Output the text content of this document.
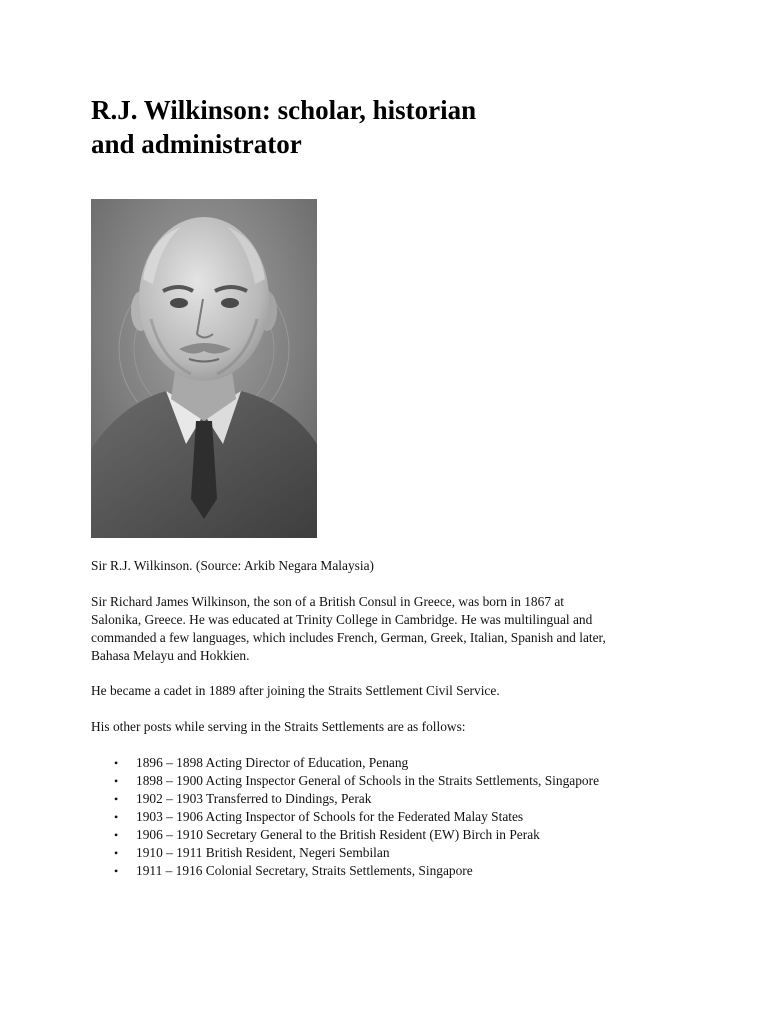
R.J. Wilkinson: scholar, historian
and administrator

Sir R.J. Wilkinson. (Source: Arkib Negara Malaysia)

Sir Richard James Wilkinson, the son of a British Consul in Greece, was born in 1867 at
Salonika, Greece. He was educated at Trinity College in Cambridge. He was multilingual and
commanded a few languages, which includes French, German, Greek, Italian, Spanish and later,
Bahasa Melayu and Hokkien.

He became a cadet in 1889 after joining the Straits Settlement Civil Service.

His other posts while serving in the Straits Settlements are as follows:

• 1896 – 1898 Acting Director of Education, Penang
• 1898 – 1900 Acting Inspector General of Schools in the Straits Settlements, Singapore
• 1902 – 1903 Transferred to Dindings, Perak
• 1903 – 1906 Acting Inspector of Schools for the Federated Malay States
• 1906 – 1910 Secretary General to the British Resident (EW) Birch in Perak
• 1910 – 1911 British Resident, Negeri Sembilan
• 1911 – 1916 Colonial Secretary, Straits Settlements, Singapore
